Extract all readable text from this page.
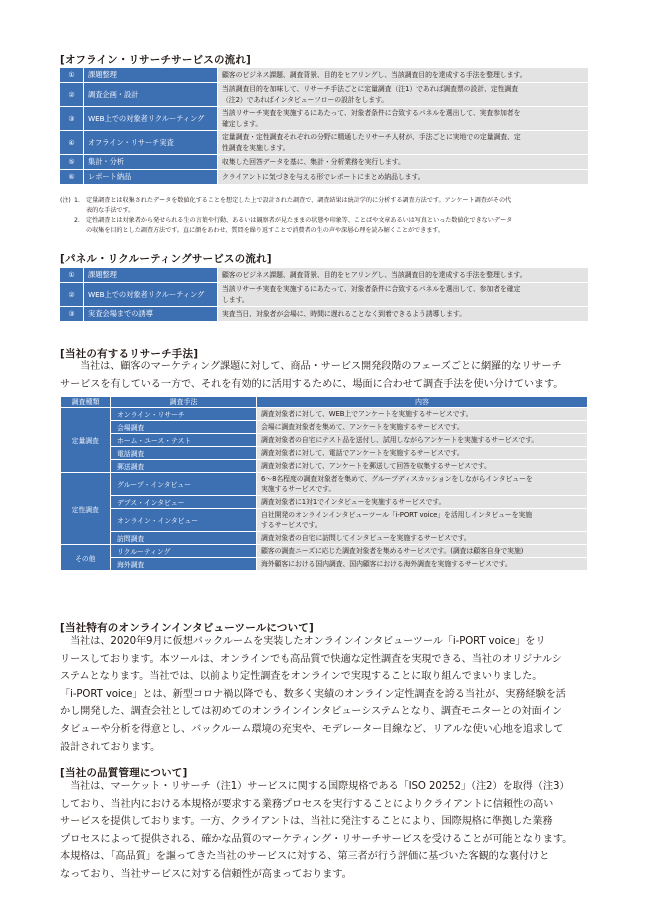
[オフライン・リサーチサービスの流れ]
①	課題整理	顧客のビジネス課題、調査背景、目的をヒアリングし、当該調査目的を達成する手法を整理します。
②	調査企画・設計
当該調査目的を加味して、リサーチ手法ごとに定量調査（注1）であれば調査票の設計、定性調査
（注2）であればインタビューフローの設計をします。
③	WEB上での対象者リクルーティング
当該リサーチ実査を実施するにあたって、対象者条件に合致するパネルを選出して、実査参加者を
確定します。
④	オフライン・リサーチ実査
定量調査・定性調査それぞれの分野に精通したリサーチ人材が、手法ごとに実地での定量調査、定
性調査を実施します。
⑤	集計・分析	収集した回答データを基に、集計・分析業務を実行します。
⑥	レポート納品	クライアントに気づきを与える形でレポートにまとめ納品します。
(注) 1.	定量調査とは収集されたデータを数値化することを想定した上で設計された調査で、調査結果は統計学的に分析する調査方法です。アンケート調査がその代
表的な手法です。
2.	定性調査とは対象者から発せられる生の言葉や行動、あるいは観察者が見たままの状態や印象等、ことばや文章あるいは写真といった数値化できないデータ
の収集を目的とした調査方法です。直に顔をあわせ、質問を繰り返すことで消費者の生の声や深層心理を読み解くことができます。
[パネル・リクルーティングサービスの流れ]
①	課題整理	顧客のビジネス課題、調査背景、目的をヒアリングし、当該調査目的を達成する手法を整理します。
②	WEB上での対象者リクルーティング
当該リサーチ実査を実施するにあたって、対象者条件に合致するパネルを選出して、参加者を確定
します。
③	実査会場までの誘導	実査当日、対象者が会場に、時間に遅れることなく到着できるよう誘導します。
[当社の有するリサーチ手法]
当社は、顧客のマーケティング課題に対して、商品・サービス開発段階のフェーズごとに網羅的なリサーチ
サービスを有している一方で、それを有効的に活用するために、場面に合わせて調査手法を使い分けています。
調査種類	調査手法	内容
定量調査	オンライン・リサーチ	調査対象者に対して、WEB上でアンケートを実施するサービスです。

	会場調査	会場に調査対象者を集めて、アンケートを実施するサービスです。

	ホーム・ユース・テスト	調査対象者の自宅にテスト品を送付し、試用しながらアンケートを実施するサービスです。

	電話調査	調査対象者に対して、電話でアンケートを実施するサービスです。

	郵送調査	調査対象者に対して、アンケートを郵送して回答を収集するサービスです。

定性調査	グループ・インタビュー	6～8名程度の調査対象者を集めて、グループディスカッションをしながらインタビューを
実施するサービスです。

	デプス・インタビュー	調査対象者に1対1でインタビューを実施するサービスです。

	オンライン・インタビュー	自社開発のオンラインインタビューツール「i-PORT voice」を活用しインタビューを実施
するサービスです。

	訪問調査	調査対象者の自宅に訪問してインタビューを実施するサービスです。

その他	リクルーティング	顧客の調査ニーズに応じた調査対象者を集めるサービスです。(調査は顧客自身で実施)

	海外調査	海外顧客における国内調査、国内顧客における海外調査を実施するサービスです。
[当社特有のオンラインインタビューツールについて]
　当社は、2020年9月に仮想バックルームを実装したオンラインインタビューツール「i-PORT voice」をリ
リースしております。本ツールは、オンラインでも高品質で快適な定性調査を実現できる、当社のオリジナルシ
ステムとなります。当社では、以前より定性調査をオンラインで実現することに取り組んでまいりました。
「i-PORT voice」とは、新型コロナ禍以降でも、数多く実績のオンライン定性調査を誇る当社が、実務経験を活
かし開発した、調査会社としては初めてのオンラインインタビューシステムとなり、調査モニターとの対面イン
タビューや分析を得意とし、バックルーム環境の充実や、モデレーター目線など、リアルな使い心地を追求して
設計されております。
[当社の品質管理について]
　当社は、マーケット・リサーチ（注1）サービスに関する国際規格である「ISO 20252」（注2）を取得（注3）
しており、当社内における本規格が要求する業務プロセスを実行することによりクライアントに信頼性の高い
サービスを提供しております。一方、クライアントは、当社に発注することにより、国際規格に準拠した業務
プロセスによって提供される、確かな品質のマーケティング・リサーチサービスを受けることが可能となります。
本規格は、「高品質」を謳ってきた当社のサービスに対する、第三者が行う評価に基づいた客観的な裏付けと
なっており、当社サービスに対する信頼性が高まっております。
